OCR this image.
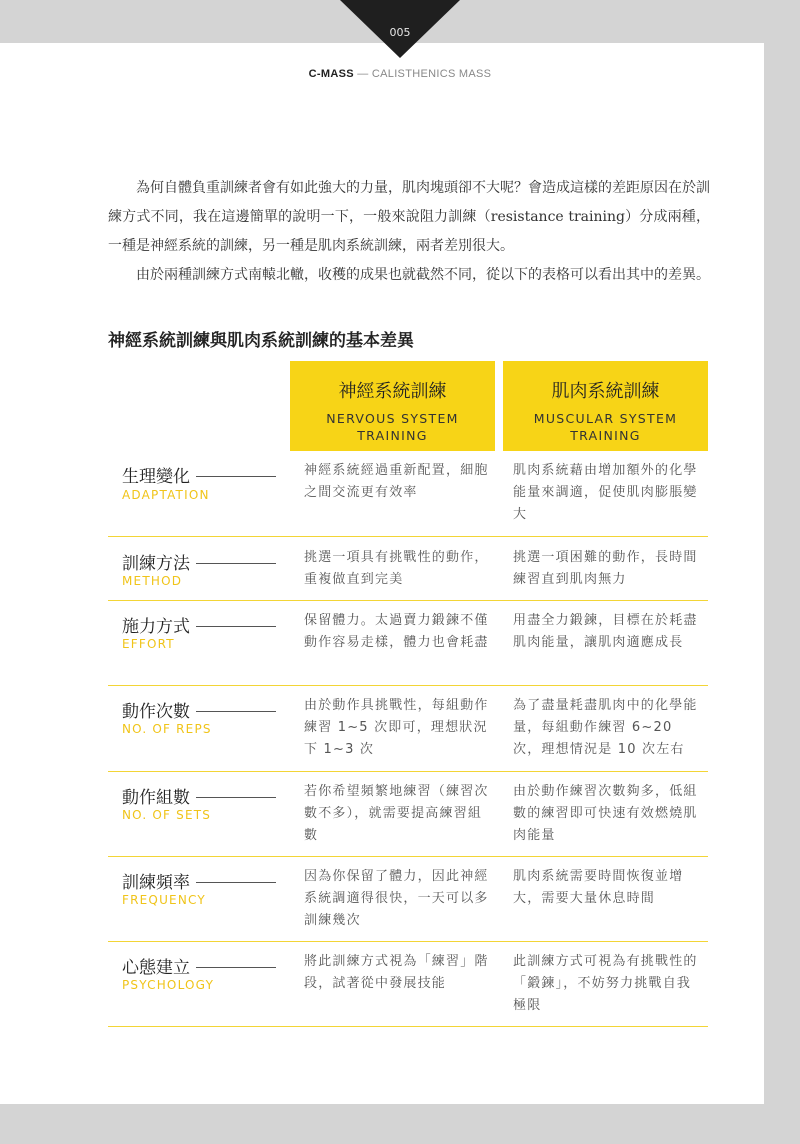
005
C-MASS — CALISTHENICS MASS

為何自體負重訓練者會有如此強大的力量，肌肉塊頭卻不大呢？會造成這樣的差距原因在於訓練方式不同，我在這邊簡單的說明一下，一般來說阻力訓練（resistance training）分成兩種，一種是神經系統的訓練，另一種是肌肉系統訓練，兩者差別很大。

由於兩種訓練方式南轅北轍，收穫的成果也就截然不同，從以下的表格可以看出其中的差異。

神經系統訓練與肌肉系統訓練的基本差異
神經系統訓練
NERVOUS SYSTEM
TRAINING
肌肉系統訓練
MUSCULAR SYSTEM
TRAINING
生理變化
ADAPTATION
神經系統經過重新配置，細胞之間交流更有效率
肌肉系統藉由增加額外的化學能量來調適，促使肌肉膨脹變大
訓練方法
METHOD
挑選一項具有挑戰性的動作，重複做直到完美
挑選一項困難的動作，長時間練習直到肌肉無力
施力方式
EFFORT
保留體力。太過賣力鍛鍊不僅動作容易走樣，體力也會耗盡
用盡全力鍛鍊，目標在於耗盡肌肉能量，讓肌肉適應成長
動作次數
NO. OF REPS
由於動作具挑戰性，每組動作練習 1~5 次即可，理想狀況下 1~3 次
為了盡量耗盡肌肉中的化學能量，每組動作練習 6~20 次，理想情況是 10 次左右
動作組數
NO. OF SETS
若你希望頻繁地練習（練習次數不多），就需要提高練習組數
由於動作練習次數夠多，低組數的練習即可快速有效燃燒肌肉能量
訓練頻率
FREQUENCY
因為你保留了體力，因此神經系統調適得很快，一天可以多訓練幾次
肌肉系統需要時間恢復並增大，需要大量休息時間
心態建立
PSYCHOLOGY
將此訓練方式視為「練習」階段，試著從中發展技能
此訓練方式可視為有挑戰性的「鍛鍊」，不妨努力挑戰自我極限
